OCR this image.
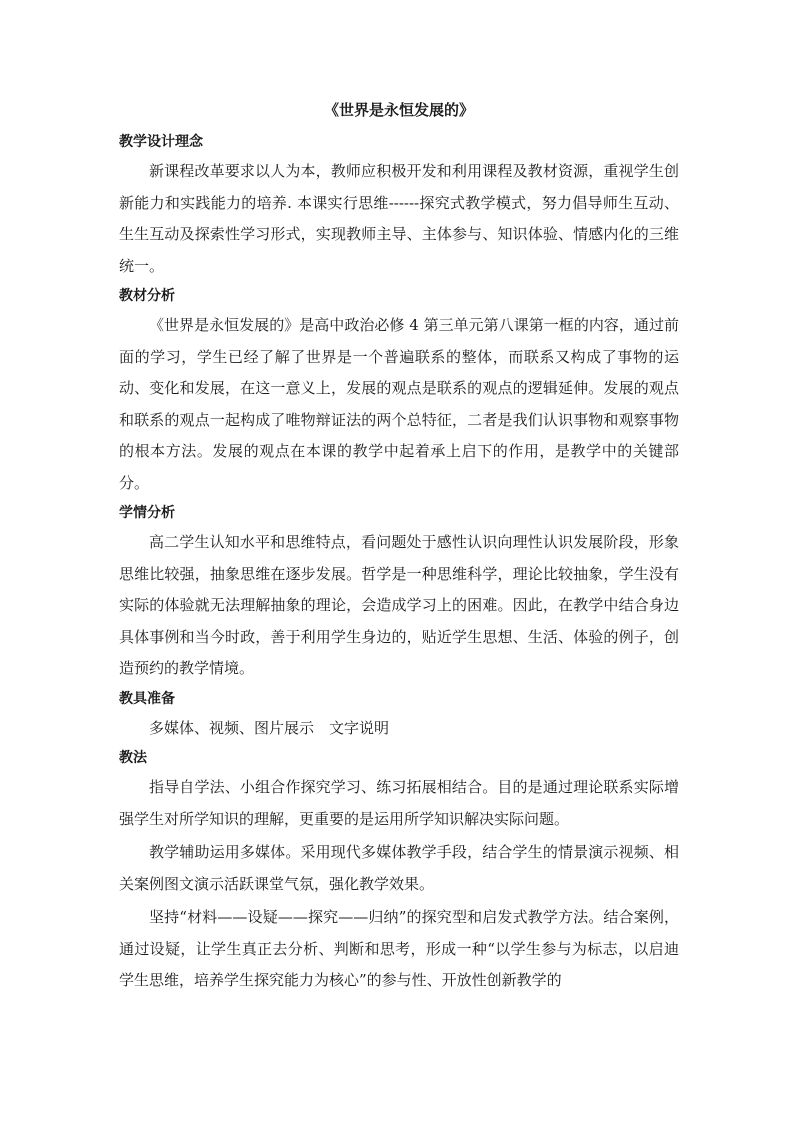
《世界是永恒发展的》
教学设计理念

新课程改革要求以人为本，教师应积极开发和利用课程及教材资源，重视学生创新能力和实践能力的培养. 本课实行思维------探究式教学模式，努力倡导师生互动、生生互动及探索性学习形式，实现教师主导、主体参与、知识体验、情感内化的三维统一。

教材分析

《世界是永恒发展的》是高中政治必修 4 第三单元第八课第一框的内容，通过前面的学习，学生已经了解了世界是一个普遍联系的整体，而联系又构成了事物的运动、变化和发展，在这一意义上，发展的观点是联系的观点的逻辑延伸。发展的观点和联系的观点一起构成了唯物辩证法的两个总特征，二者是我们认识事物和观察事物的根本方法。发展的观点在本课的教学中起着承上启下的作用，是教学中的关键部分。

学情分析

高二学生认知水平和思维特点，看问题处于感性认识向理性认识发展阶段，形象思维比较强，抽象思维在逐步发展。哲学是一种思维科学，理论比较抽象，学生没有实际的体验就无法理解抽象的理论，会造成学习上的困难。因此，在教学中结合身边具体事例和当今时政，善于利用学生身边的，贴近学生思想、生活、体验的例子，创造预约的教学情境。

教具准备

多媒体、视频、图片展示　文字说明

教法

指导自学法、小组合作探究学习、练习拓展相结合。目的是通过理论联系实际增强学生对所学知识的理解，更重要的是运用所学知识解决实际问题。

教学辅助运用多媒体。采用现代多媒体教学手段，结合学生的情景演示视频、相关案例图文演示活跃课堂气氛，强化教学效果。

坚持“材料——设疑——探究——归纳”的探究型和启发式教学方法。结合案例，通过设疑，让学生真正去分析、判断和思考，形成一种“以学生参与为标志，以启迪学生思维，培养学生探究能力为核心”的参与性、开放性创新教学的
